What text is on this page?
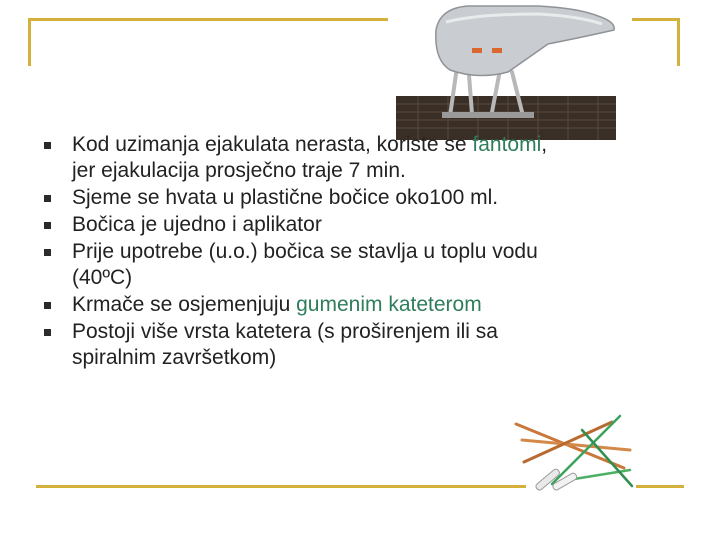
Kod uzimanja ejakulata nerasta, koriste se fantomi,
jer ejakulacija prosječno traje 7 min.
Sjeme se hvata u plastične bočice oko100 ml.
Bočica je ujedno i aplikator
Prije upotrebe (u.o.) bočica se stavlja u toplu vodu
(40ºC)
Krmače se osjemenjuju gumenim kateterom
Postoji više vrsta katetera (s proširenjem ili sa
spiralnim završetkom)
